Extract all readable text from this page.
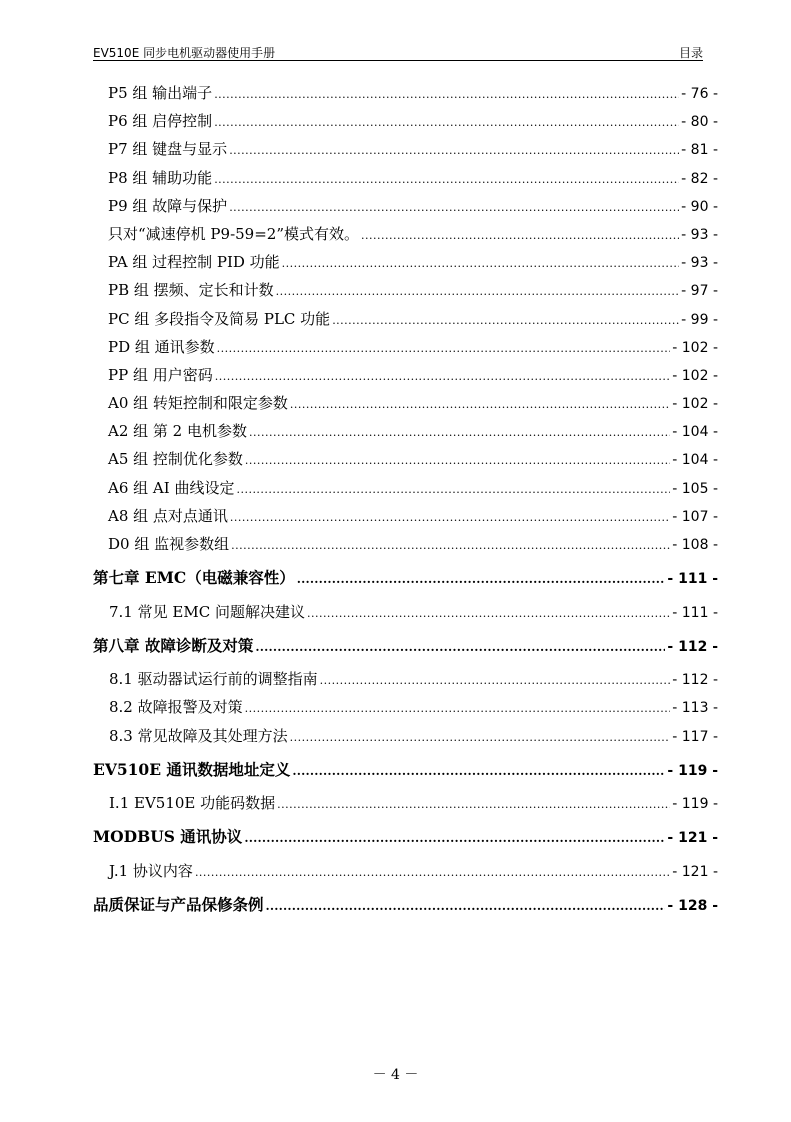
EV510E 同步电机驱动器使用手册	目录
P5 组 输出端子 .....	- 76 -
P6 组 启停控制 .....	- 80 -
P7 组 键盘与显示 .....	- 81 -
P8 组 辅助功能 .....	- 82 -
P9 组 故障与保护 .....	- 90 -
只对“减速停机 P9-59=2”模式有效。 .....	- 93 -
PA 组 过程控制 PID 功能 .....	- 93 -
PB 组 摆频、定长和计数 .....	- 97 -
PC 组 多段指令及简易 PLC 功能 .....	- 99 -
PD 组 通讯参数 .....	- 102 -
PP 组 用户密码 .....	- 102 -
A0 组 转矩控制和限定参数 .....	- 102 -
A2 组 第 2 电机参数 .....	- 104 -
A5 组 控制优化参数 .....	- 104 -
A6 组 AI 曲线设定 .....	- 105 -
A8 组 点对点通讯 .....	- 107 -
D0 组 监视参数组 .....	- 108 -
第七章 EMC（电磁兼容性） .....	- 111 -
7.1 常见 EMC 问题解决建议 .....	- 111 -
第八章 故障诊断及对策 .....	- 112 -
8.1 驱动器试运行前的调整指南 .....	- 112 -
8.2 故障报警及对策 .....	- 113 -
8.3 常见故障及其处理方法 .....	- 117 -
EV510E 通讯数据地址定义 .....	- 119 -
I.1 EV510E 功能码数据 .....	- 119 -
MODBUS 通讯协议 .....	- 121 -
J.1 协议内容 .....	- 121 -
品质保证与产品保修条例 .....	- 128 -
－ 4 －
